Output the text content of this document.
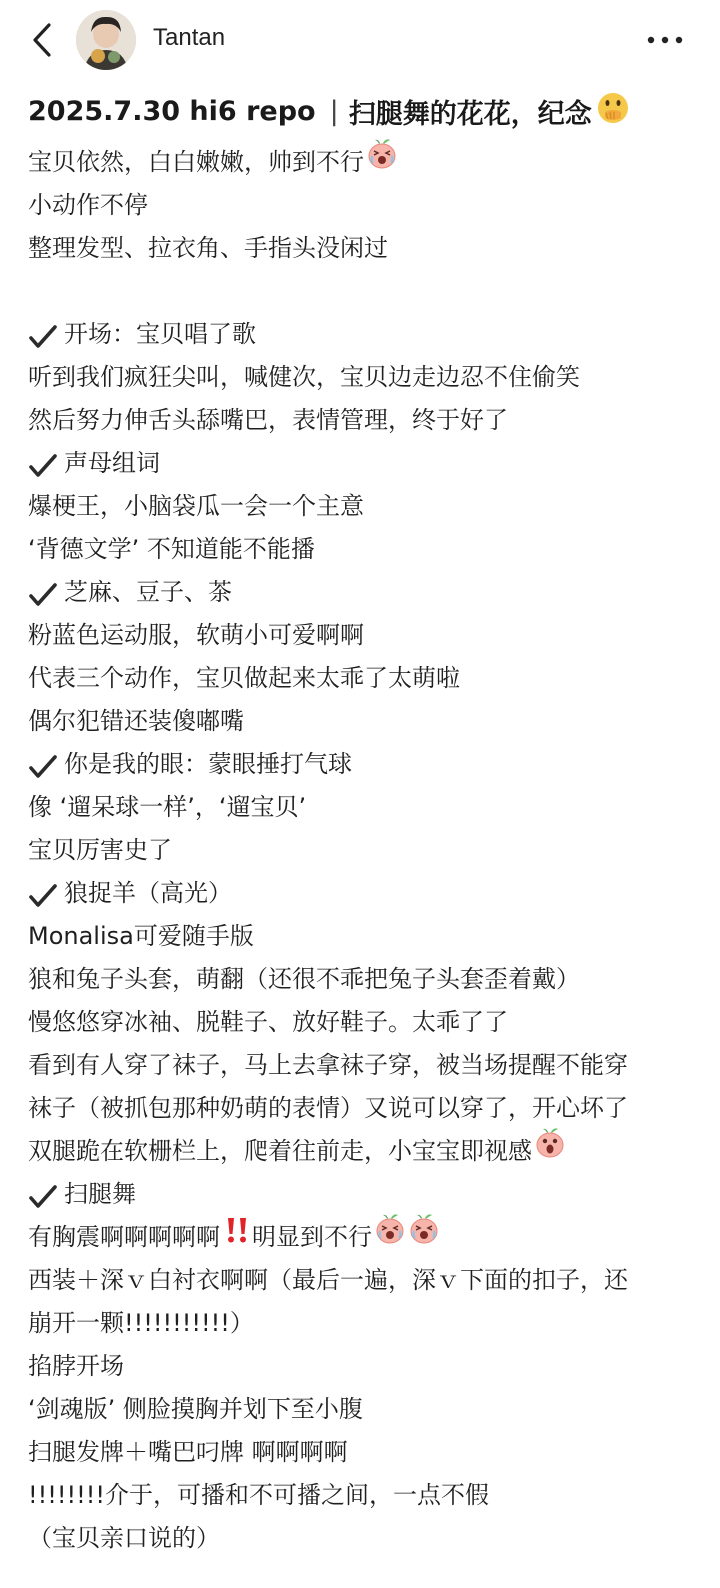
Tantan
2025.7.30 hi6 repo | 扫腿舞的花花，纪念
宝贝依然，白白嫩嫩，帅到不行
小动作不停
整理发型、拉衣角、手指头没闲过
开场：宝贝唱了歌
听到我们疯狂尖叫，喊健次，宝贝边走边忍不住偷笑
然后努力伸舌头舔嘴巴，表情管理，终于好了
声母组词
爆梗王，小脑袋瓜一会一个主意
‘背德文学’ 不知道能不能播
芝麻、豆子、茶
粉蓝色运动服，软萌小可爱啊啊
代表三个动作，宝贝做起来太乖了太萌啦
偶尔犯错还装傻嘟嘴
你是我的眼：蒙眼捶打气球
像 ‘遛呆球一样’，‘遛宝贝’
宝贝厉害史了
狼捉羊（高光）
Monalisa可爱随手版
狼和兔子头套，萌翻（还很不乖把兔子头套歪着戴）
慢悠悠穿冰袖、脱鞋子、放好鞋子。太乖了了
看到有人穿了袜子，马上去拿袜子穿，被当场提醒不能穿
袜子（被抓包那种奶萌的表情）又说可以穿了，开心坏了
双腿跪在软栅栏上，爬着往前走，小宝宝即视感
扫腿舞
有胸震啊啊啊啊啊 明显到不行
西装＋深ｖ白衬衣啊啊（最后一遍，深ｖ下面的扣子，还
崩开一颗!!!!!!!!!!!）
掐脖开场
‘剑魂版’ 侧脸摸胸并划下至小腹
扫腿发牌＋嘴巴叼牌 啊啊啊啊
!!!!!!!!介于，可播和不可播之间，一点不假
（宝贝亲口说的）
